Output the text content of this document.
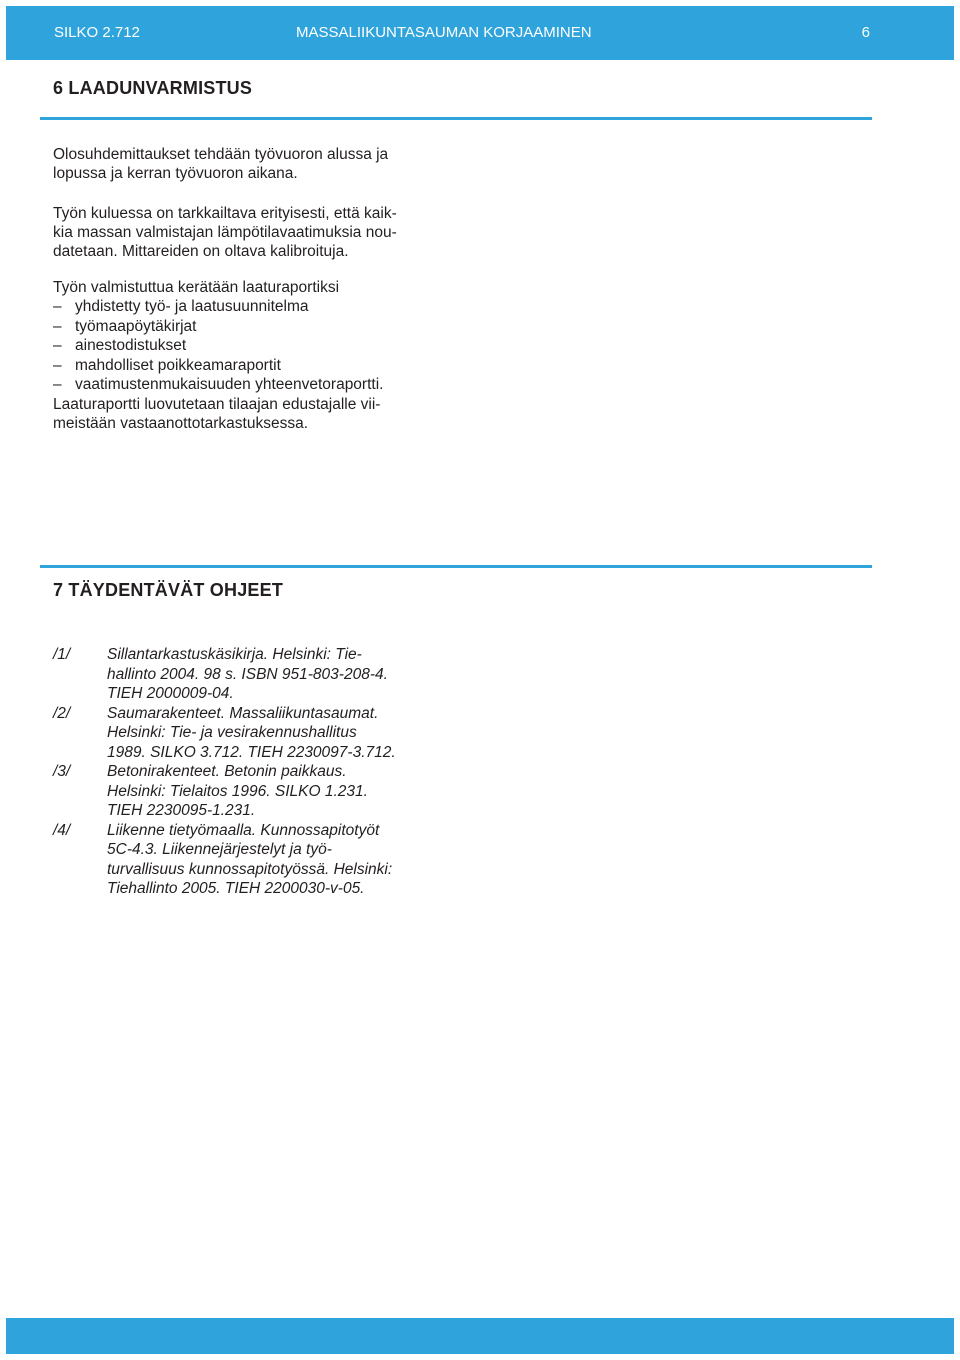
SILKO 2.712	MASSALIIKUNTASAUMAN KORJAAMINEN	6
6 LAADUNVARMISTUS

Olosuhdemittaukset tehdään työvuoron alussa ja
lopussa ja kerran työvuoron aikana.

Työn kuluessa on tarkkailtava erityisesti, että kaik-
kia massan valmistajan lämpötilavaatimuksia nou-
datetaan. Mittareiden on oltava kalibroituja.

Työn valmistuttua kerätään laaturaportiksi

– yhdistetty työ- ja laatusuunnitelma
– työmaapöytäkirjat
– ainestodistukset
– mahdolliset poikkeamaraportit
– vaatimustenmukaisuuden yhteenvetoraportti.

Laaturaportti luovutetaan tilaajan edustajalle vii-
meistään vastaanottotarkastuksessa.

7 TÄYDENTÄVÄT OHJEET
/1/ Sillantarkastuskäsikirja. Helsinki: Tie-
hallinto 2004. 98 s. ISBN 951-803-208-4.
TIEH 2000009-04.
/2/ Saumarakenteet. Massaliikuntasaumat.
Helsinki: Tie- ja vesirakennushallitus
1989. SILKO 3.712. TIEH 2230097-3.712.
/3/ Betonirakenteet. Betonin paikkaus.
Helsinki: Tielaitos 1996. SILKO 1.231.
TIEH 2230095-1.231.
/4/ Liikenne tietyömaalla. Kunnossapitotyöt
5C-4.3. Liikennejärjestelyt ja työ-
turvallisuus kunnossapitotyössä. Helsinki:
Tiehallinto 2005. TIEH 2200030-v-05.
